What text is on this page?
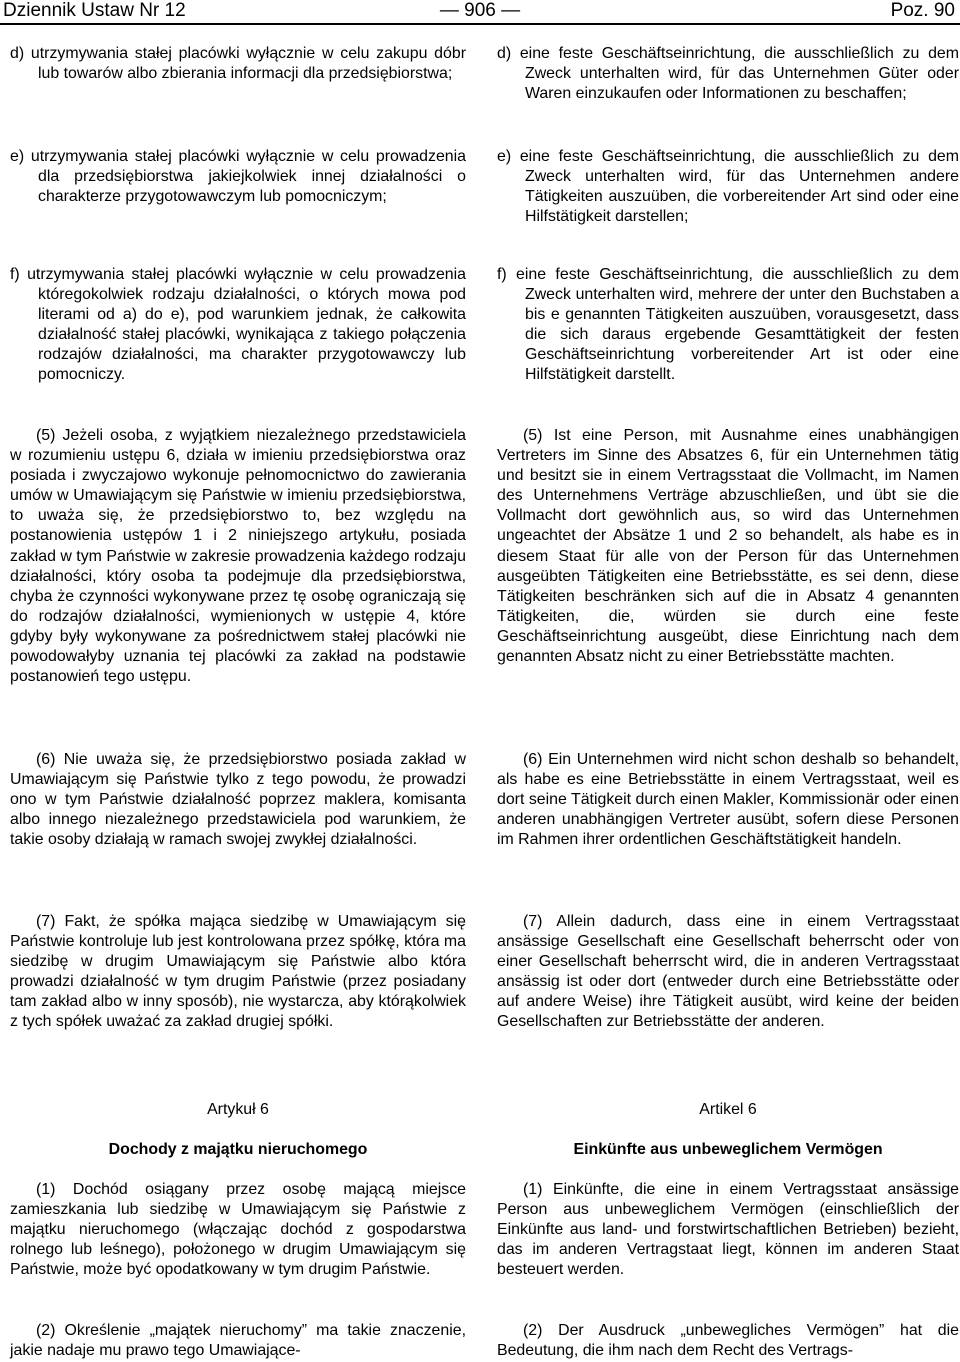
Dziennik Ustaw Nr 12	— 906 —	Poz. 90
d) utrzymywania stałej placówki wyłącznie w celu zakupu dóbr lub towarów albo zbierania informacji dla przedsiębiorstwa;
e) utrzymywania stałej placówki wyłącznie w celu prowadzenia dla przedsiębiorstwa jakiejkolwiek innej działalności o charakterze przygotowawczym lub pomocniczym;
f) utrzymywania stałej placówki wyłącznie w celu prowadzenia któregokolwiek rodzaju działalności, o których mowa pod literami od a) do e), pod warunkiem jednak, że całkowita działalność stałej placówki, wynikająca z takiego połączenia rodzajów działalności, ma charakter przygotowawczy lub pomocniczy.
(5) Jeżeli osoba, z wyjątkiem niezależnego przedstawiciela w rozumieniu ustępu 6, działa w imieniu przedsiębiorstwa oraz posiada i zwyczajowo wykonuje pełnomocnictwo do zawierania umów w Umawiającym się Państwie w imieniu przedsiębiorstwa, to uważa się, że przedsiębiorstwo to, bez względu na postanowienia ustępów 1 i 2 niniejszego artykułu, posiada zakład w tym Państwie w zakresie prowadzenia każdego rodzaju działalności, który osoba ta podejmuje dla przedsiębiorstwa, chyba że czynności wykonywane przez tę osobę ograniczają się do rodzajów działalności, wymienionych w ustępie 4, które gdyby były wykonywane za pośrednictwem stałej placówki nie powodowałyby uznania tej placówki za zakład na podstawie postanowień tego ustępu.
(6) Nie uważa się, że przedsiębiorstwo posiada zakład w Umawiającym się Państwie tylko z tego powodu, że prowadzi ono w tym Państwie działalność poprzez maklera, komisanta albo innego niezależnego przedstawiciela pod warunkiem, że takie osoby działają w ramach swojej zwykłej działalności.
(7) Fakt, że spółka mająca siedzibę w Umawiającym się Państwie kontroluje lub jest kontrolowana przez spółkę, która ma siedzibę w drugim Umawiającym się Państwie albo która prowadzi działalność w tym drugim Państwie (przez posiadany tam zakład albo w inny sposób), nie wystarcza, aby którąkolwiek z tych spółek uważać za zakład drugiej spółki.
Artykuł 6
Dochody z majątku nieruchomego
(1) Dochód osiągany przez osobę mającą miejsce zamieszkania lub siedzibę w Umawiającym się Państwie z majątku nieruchomego (włączając dochód z gospodarstwa rolnego lub leśnego), położonego w drugim Umawiającym się Państwie, może być opodatkowany w tym drugim Państwie.
(2) Określenie „majątek nieruchomy” ma takie znaczenie, jakie nadaje mu prawo tego Umawiające-
d) eine feste Geschäftseinrichtung, die ausschließlich zu dem Zweck unterhalten wird, für das Unternehmen Güter oder Waren einzukaufen oder Informationen zu beschaffen;
e) eine feste Geschäftseinrichtung, die ausschließlich zu dem Zweck unterhalten wird, für das Unternehmen andere Tätigkeiten auszuüben, die vorbereitender Art sind oder eine Hilfstätigkeit darstellen;
f) eine feste Geschäftseinrichtung, die ausschließlich zu dem Zweck unterhalten wird, mehrere der unter den Buchstaben a bis e genannten Tätigkeiten auszuüben, vorausgesetzt, dass die sich daraus ergebende Gesamttätigkeit der festen Geschäftseinrichtung vorbereitender Art ist oder eine Hilfstätigkeit darstellt.
(5) Ist eine Person, mit Ausnahme eines unabhängigen Vertreters im Sinne des Absatzes 6, für ein Unternehmen tätig und besitzt sie in einem Vertragsstaat die Vollmacht, im Namen des Unternehmens Verträge abzuschließen, und übt sie die Vollmacht dort gewöhnlich aus, so wird das Unternehmen ungeachtet der Absätze 1 und 2 so behandelt, als habe es in diesem Staat für alle von der Person für das Unternehmen ausgeübten Tätigkeiten eine Betriebsstätte, es sei denn, diese Tätigkeiten beschränken sich auf die in Absatz 4 genannten Tätigkeiten, die, würden sie durch eine feste Geschäftseinrichtung ausgeübt, diese Einrichtung nach dem genannten Absatz nicht zu einer Betriebsstätte machten.
(6) Ein Unternehmen wird nicht schon deshalb so behandelt, als habe es eine Betriebsstätte in einem Vertragsstaat, weil es dort seine Tätigkeit durch einen Makler, Kommissionär oder einen anderen unabhängigen Vertreter ausübt, sofern diese Personen im Rahmen ihrer ordentlichen Geschäftstätigkeit handeln.
(7) Allein dadurch, dass eine in einem Vertragsstaat ansässige Gesellschaft eine Gesellschaft beherrscht oder von einer Gesellschaft beherrscht wird, die in anderen Vertragsstaat ansässig ist oder dort (entweder durch eine Betriebsstätte oder auf andere Weise) ihre Tätigkeit ausübt, wird keine der beiden Gesellschaften zur Betriebsstätte der anderen.
Artikel 6
Einkünfte aus unbeweglichem Vermögen
(1) Einkünfte, die eine in einem Vertragsstaat ansässige Person aus unbeweglichem Vermögen (einschließlich der Einkünfte aus land- und forstwirtschaftlichen Betrieben) bezieht, das im anderen Vertragstaat liegt, können im anderen Staat besteuert werden.
(2) Der Ausdruck „unbewegliches Vermögen” hat die Bedeutung, die ihm nach dem Recht des Vertrags-
